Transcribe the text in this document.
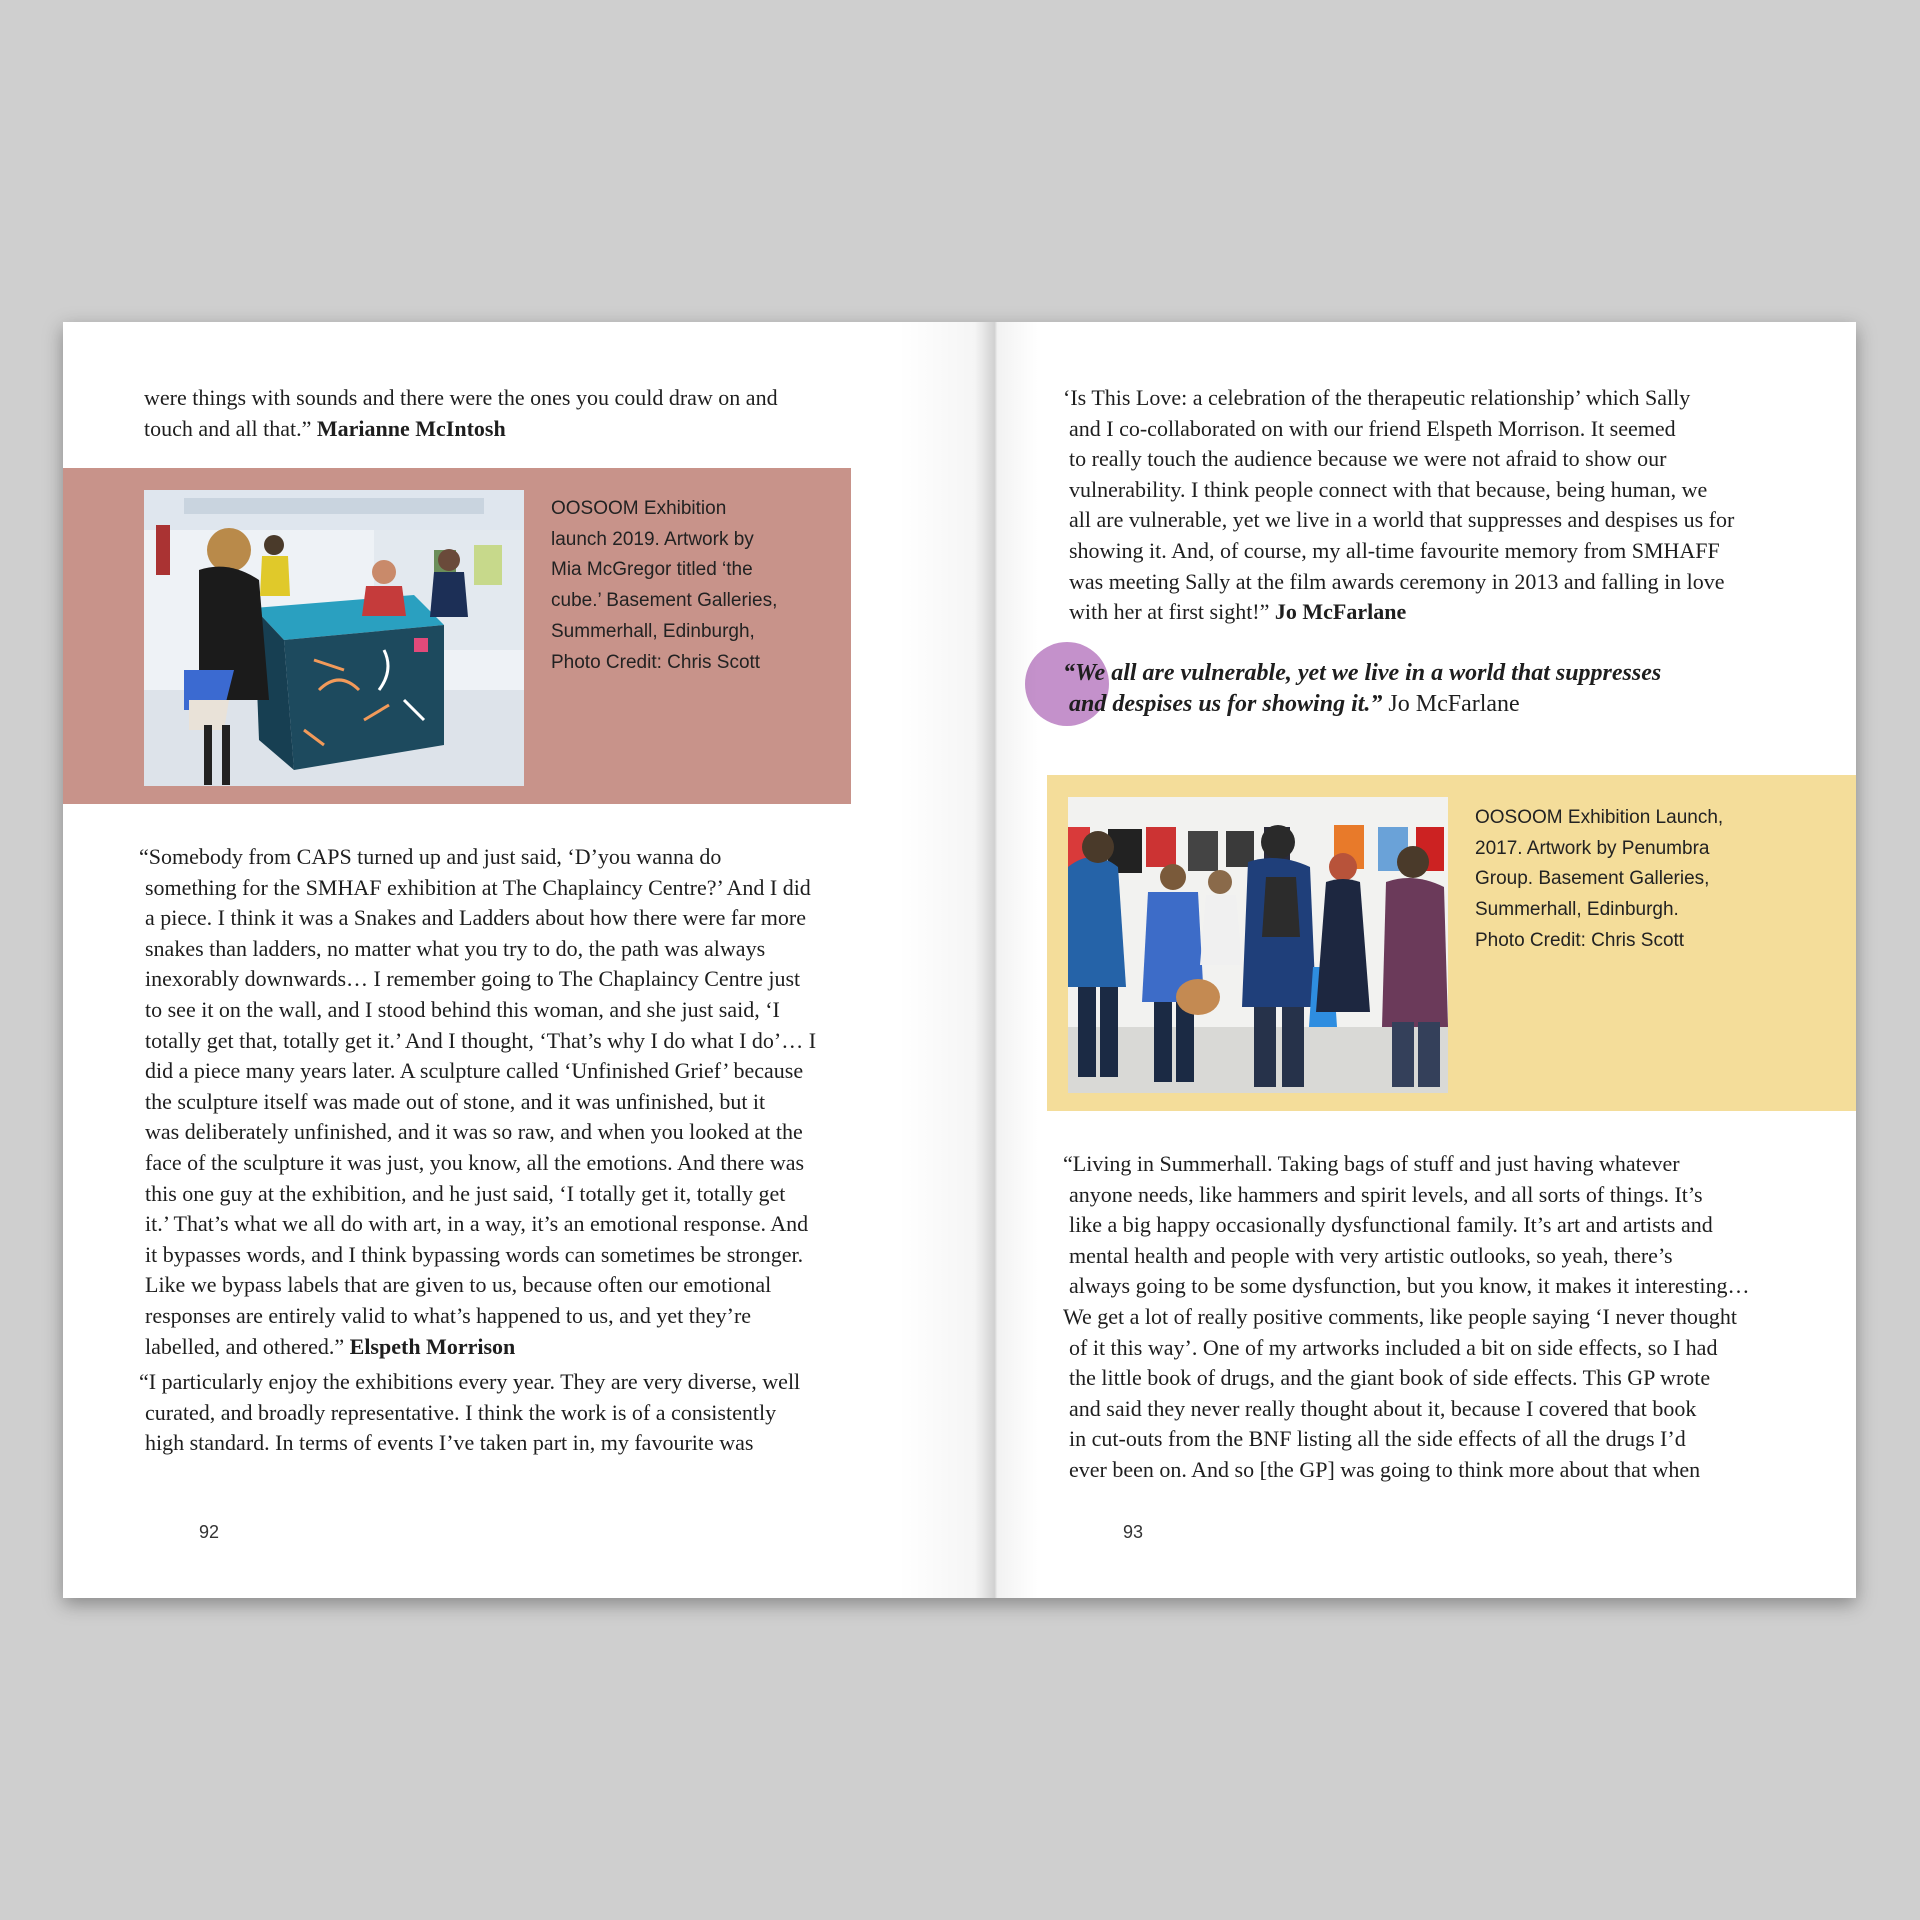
were things with sounds and there were the ones you could draw on and
touch and all that.” Marianne McIntosh
OOSOOM Exhibition
launch 2019. Artwork by
Mia McGregor titled ‘the
cube.’ Basement Galleries,
Summerhall, Edinburgh,
Photo Credit: Chris Scott
“Somebody from CAPS turned up and just said, ‘D’you wanna do
something for the SMHAF exhibition at The Chaplaincy Centre?’ And I did
a piece. I think it was a Snakes and Ladders about how there were far more
snakes than ladders, no matter what you try to do, the path was always
inexorably downwards… I remember going to The Chaplaincy Centre just
to see it on the wall, and I stood behind this woman, and she just said, ‘I
totally get that, totally get it.’ And I thought, ‘That’s why I do what I do’… I
did a piece many years later. A sculpture called ‘Unfinished Grief’ because
the sculpture itself was made out of stone, and it was unfinished, but it
was deliberately unfinished, and it was so raw, and when you looked at the
face of the sculpture it was just, you know, all the emotions. And there was
this one guy at the exhibition, and he just said, ‘I totally get it, totally get
it.’ That’s what we all do with art, in a way, it’s an emotional response. And
it bypasses words, and I think bypassing words can sometimes be stronger.
Like we bypass labels that are given to us, because often our emotional
responses are entirely valid to what’s happened to us, and yet they’re
labelled, and othered.” Elspeth Morrison
“I particularly enjoy the exhibitions every year. They are very diverse, well
curated, and broadly representative. I think the work is of a consistently
high standard. In terms of events I’ve taken part in, my favourite was
92
‘Is This Love: a celebration of the therapeutic relationship’ which Sally
and I co-collaborated on with our friend Elspeth Morrison. It seemed
to really touch the audience because we were not afraid to show our
vulnerability. I think people connect with that because, being human, we
all are vulnerable, yet we live in a world that suppresses and despises us for
showing it. And, of course, my all-time favourite memory from SMHAFF
was meeting Sally at the film awards ceremony in 2013 and falling in love
with her at first sight!” Jo McFarlane
“We all are vulnerable, yet we live in a world that suppresses
and despises us for showing it.” Jo McFarlane
OOSOOM Exhibition Launch,
2017. Artwork by Penumbra
Group. Basement Galleries,
Summerhall, Edinburgh.
Photo Credit: Chris Scott
“Living in Summerhall. Taking bags of stuff and just having whatever
anyone needs, like hammers and spirit levels, and all sorts of things. It’s
like a big happy occasionally dysfunctional family. It’s art and artists and
mental health and people with very artistic outlooks, so yeah, there’s
always going to be some dysfunction, but you know, it makes it interesting…
We get a lot of really positive comments, like people saying ‘I never thought
of it this way’. One of my artworks included a bit on side effects, so I had
the little book of drugs, and the giant book of side effects. This GP wrote
and said they never really thought about it, because I covered that book
in cut-outs from the BNF listing all the side effects of all the drugs I’d
ever been on. And so [the GP] was going to think more about that when
93
